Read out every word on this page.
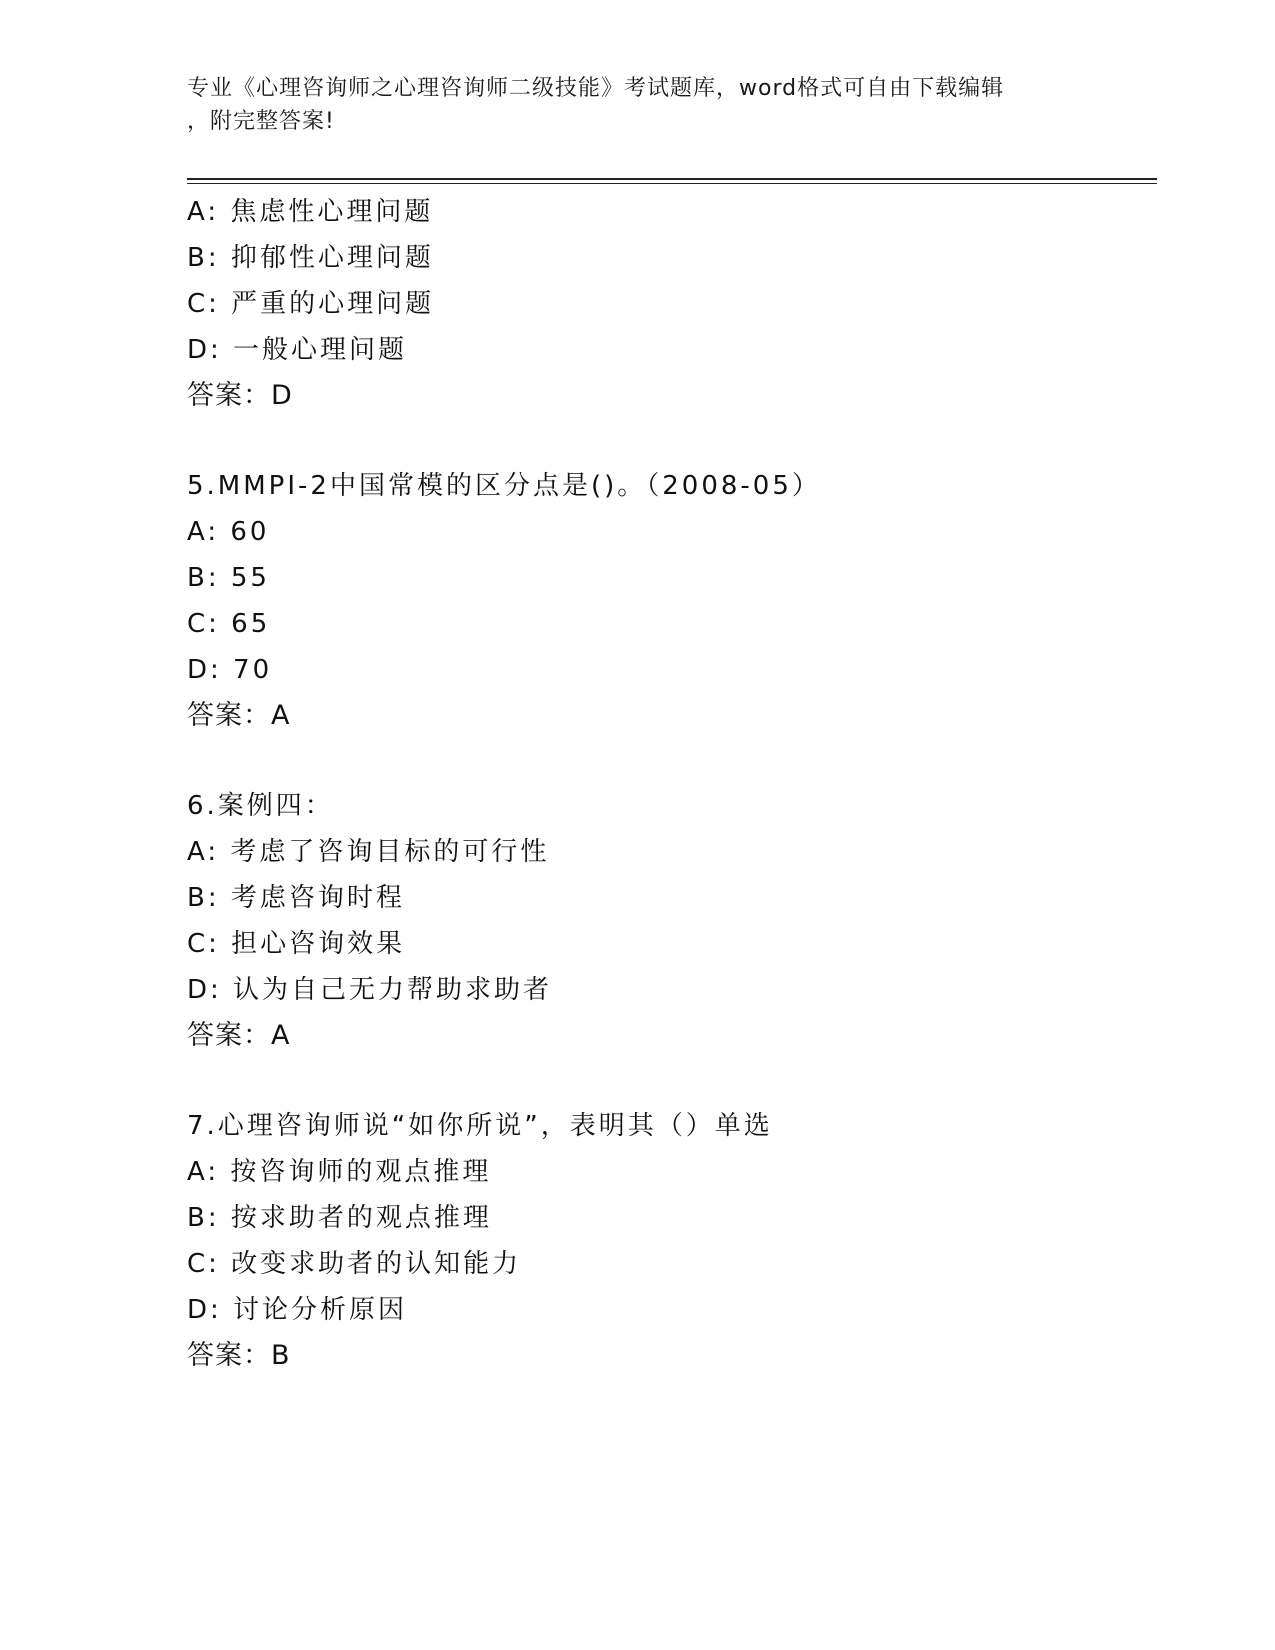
专业《心理咨询师之心理咨询师二级技能》考试题库，word格式可自由下载编辑
，附完整答案!
A: 焦虑性心理问题
B: 抑郁性心理问题
C: 严重的心理问题
D: 一般心理问题
答案：D
5.MMPI-2中国常模的区分点是()。（2008-05）
A: 60
B: 55
C: 65
D: 70
答案：A
6.案例四：
A: 考虑了咨询目标的可行性
B: 考虑咨询时程
C: 担心咨询效果
D: 认为自己无力帮助求助者
答案：A
7.心理咨询师说“如你所说”，表明其（）单选
A: 按咨询师的观点推理
B: 按求助者的观点推理
C: 改变求助者的认知能力
D: 讨论分析原因
答案：B
